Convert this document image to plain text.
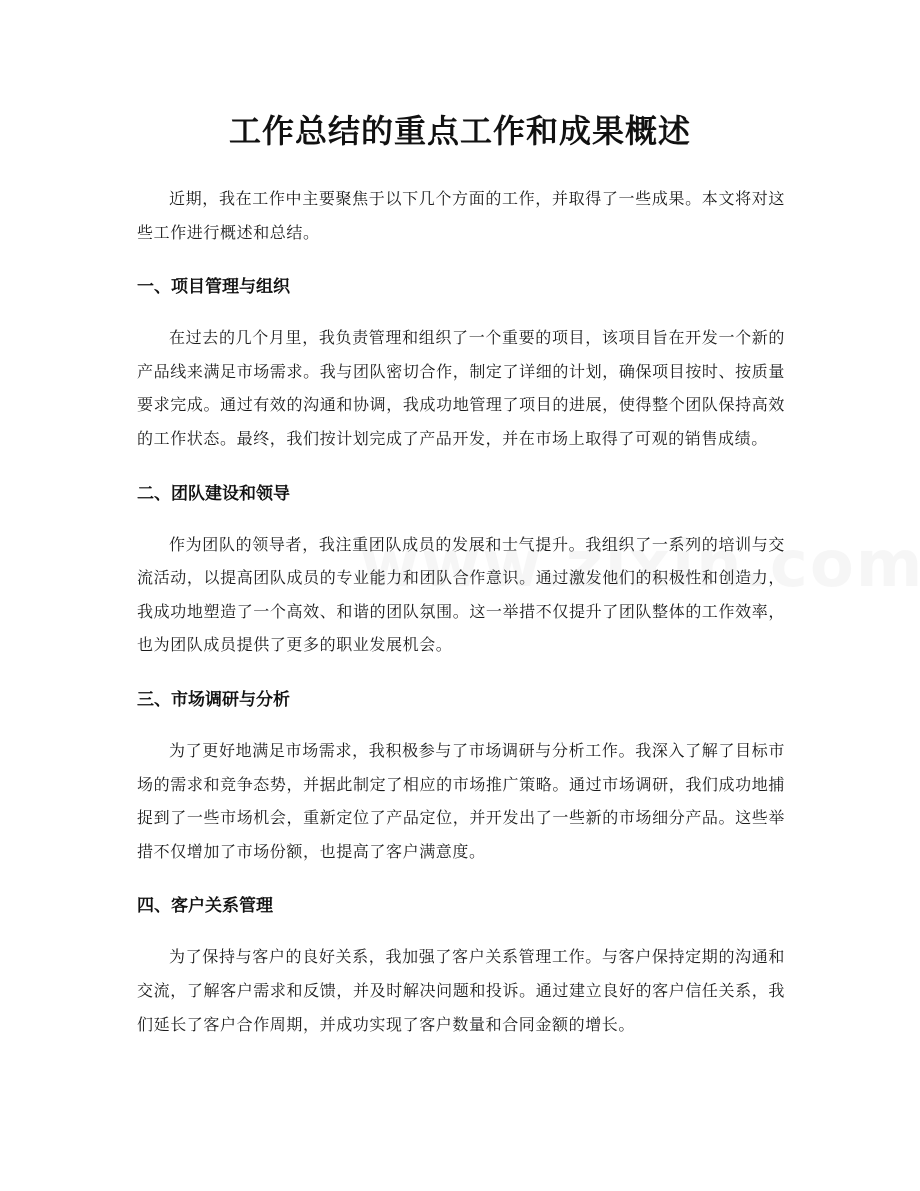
工作总结的重点工作和成果概述

近期，我在工作中主要聚焦于以下几个方面的工作，并取得了一些成果。本文将对这些工作进行概述和总结。

一、项目管理与组织

在过去的几个月里，我负责管理和组织了一个重要的项目，该项目旨在开发一个新的产品线来满足市场需求。我与团队密切合作，制定了详细的计划，确保项目按时、按质量要求完成。通过有效的沟通和协调，我成功地管理了项目的进展，使得整个团队保持高效的工作状态。最终，我们按计划完成了产品开发，并在市场上取得了可观的销售成绩。

二、团队建设和领导

作为团队的领导者，我注重团队成员的发展和士气提升。我组织了一系列的培训与交流活动，以提高团队成员的专业能力和团队合作意识。通过激发他们的积极性和创造力，我成功地塑造了一个高效、和谐的团队氛围。这一举措不仅提升了团队整体的工作效率，也为团队成员提供了更多的职业发展机会。

三、市场调研与分析

为了更好地满足市场需求，我积极参与了市场调研与分析工作。我深入了解了目标市场的需求和竞争态势，并据此制定了相应的市场推广策略。通过市场调研，我们成功地捕捉到了一些市场机会，重新定位了产品定位，并开发出了一些新的市场细分产品。这些举措不仅增加了市场份额，也提高了客户满意度。

四、客户关系管理

为了保持与客户的良好关系，我加强了客户关系管理工作。与客户保持定期的沟通和交流，了解客户需求和反馈，并及时解决问题和投诉。通过建立良好的客户信任关系，我们延长了客户合作周期，并成功实现了客户数量和合同金额的增长。
